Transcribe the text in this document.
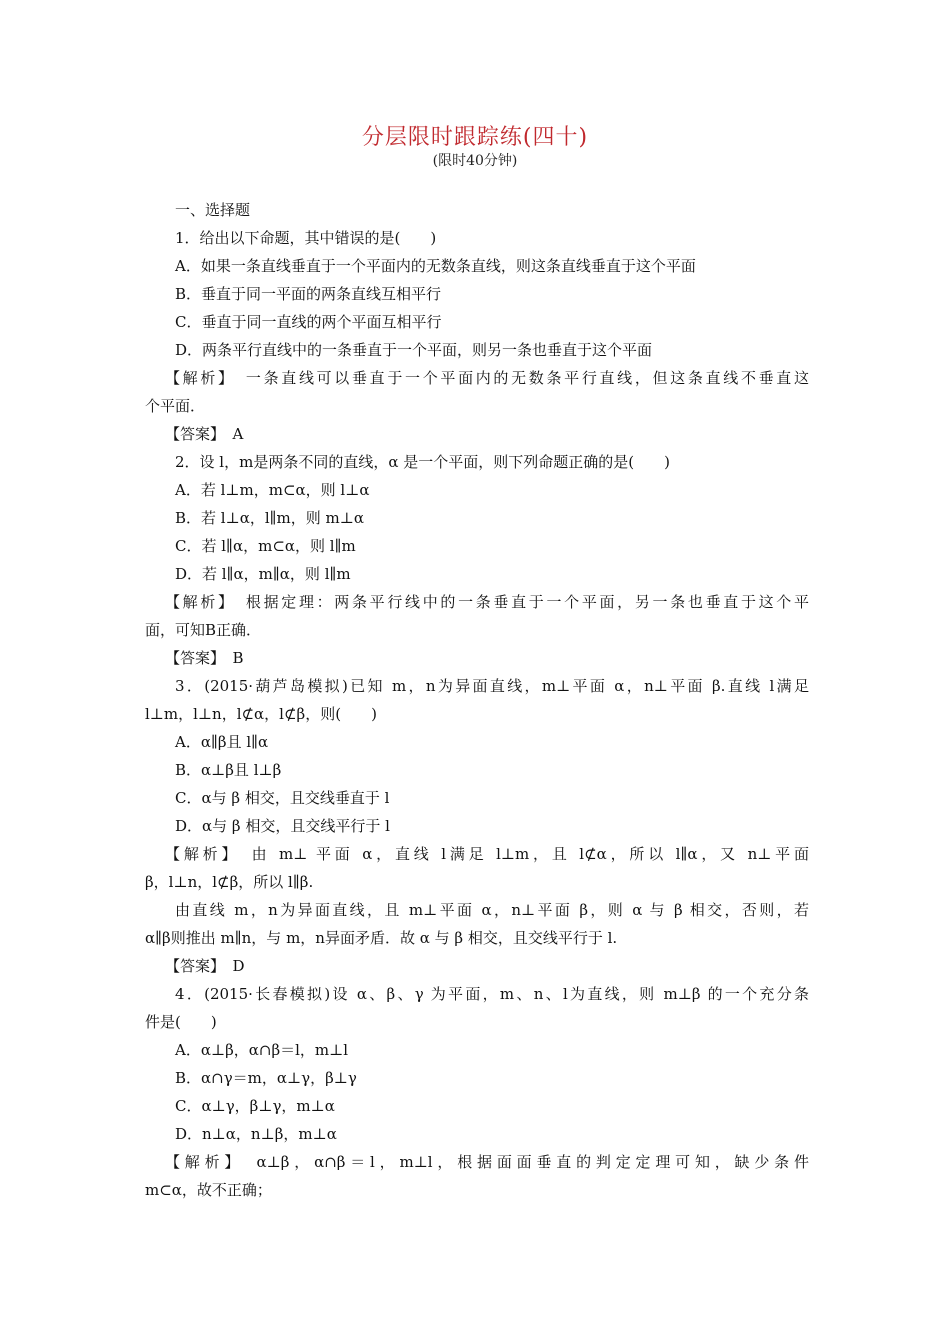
分层限时跟踪练(四十)
(限时40分钟)
一、选择题
1．给出以下命题，其中错误的是(　　)
A．如果一条直线垂直于一个平面内的无数条直线，则这条直线垂直于这个平面
B．垂直于同一平面的两条直线互相平行
C．垂直于同一直线的两个平面互相平行
D．两条平行直线中的一条垂直于一个平面，则另一条也垂直于这个平面
【解析】　一条直线可以垂直于一个平面内的无数条平行直线，但这条直线不垂直这
个平面．
【答案】　A
2．设 l，m是两条不同的直线，α 是一个平面，则下列命题正确的是(　　)
A．若 l⊥m，m⊂α，则 l⊥α
B．若 l⊥α，l∥m，则 m⊥α
C．若 l∥α，m⊂α，则 l∥m
D．若 l∥α，m∥α，则 l∥m
【解析】　根据定理：两条平行线中的一条垂直于一个平面，另一条也垂直于这个平
面，可知B正确．
【答案】　B
3．(2015·葫芦岛模拟)已知 m，n为异面直线，m⊥平面 α，n⊥平面 β.直线 l满足
l⊥m，l⊥n，l⊄α，l⊄β，则(　　)
A．α∥β且 l∥α
B．α⊥β且 l⊥β
C．α与 β 相交，且交线垂直于 l
D．α与 β 相交，且交线平行于 l
【解析】　由 m⊥ 平面 α，直线 l满足 l⊥m，且 l⊄α，所以 l∥α，又 n⊥平面
β，l⊥n，l⊄β，所以 l∥β.
由直线 m，n为异面直线，且 m⊥平面 α，n⊥平面 β，则 α 与 β 相交，否则，若
α∥β则推出 m∥n，与 m，n异面矛盾．故 α 与 β 相交，且交线平行于 l.
【答案】　D
4．(2015·长春模拟)设 α、β、γ 为平面，m、n、l为直线，则 m⊥β 的一个充分条
件是(　　)
A．α⊥β，α∩β＝l，m⊥l
B．α∩γ＝m，α⊥γ，β⊥γ
C．α⊥γ，β⊥γ，m⊥α
D．n⊥α，n⊥β，m⊥α
【解析】　α⊥β，α∩β＝l，m⊥l，根据面面垂直的判定定理可知，缺少条件
m⊂α，故不正确；
